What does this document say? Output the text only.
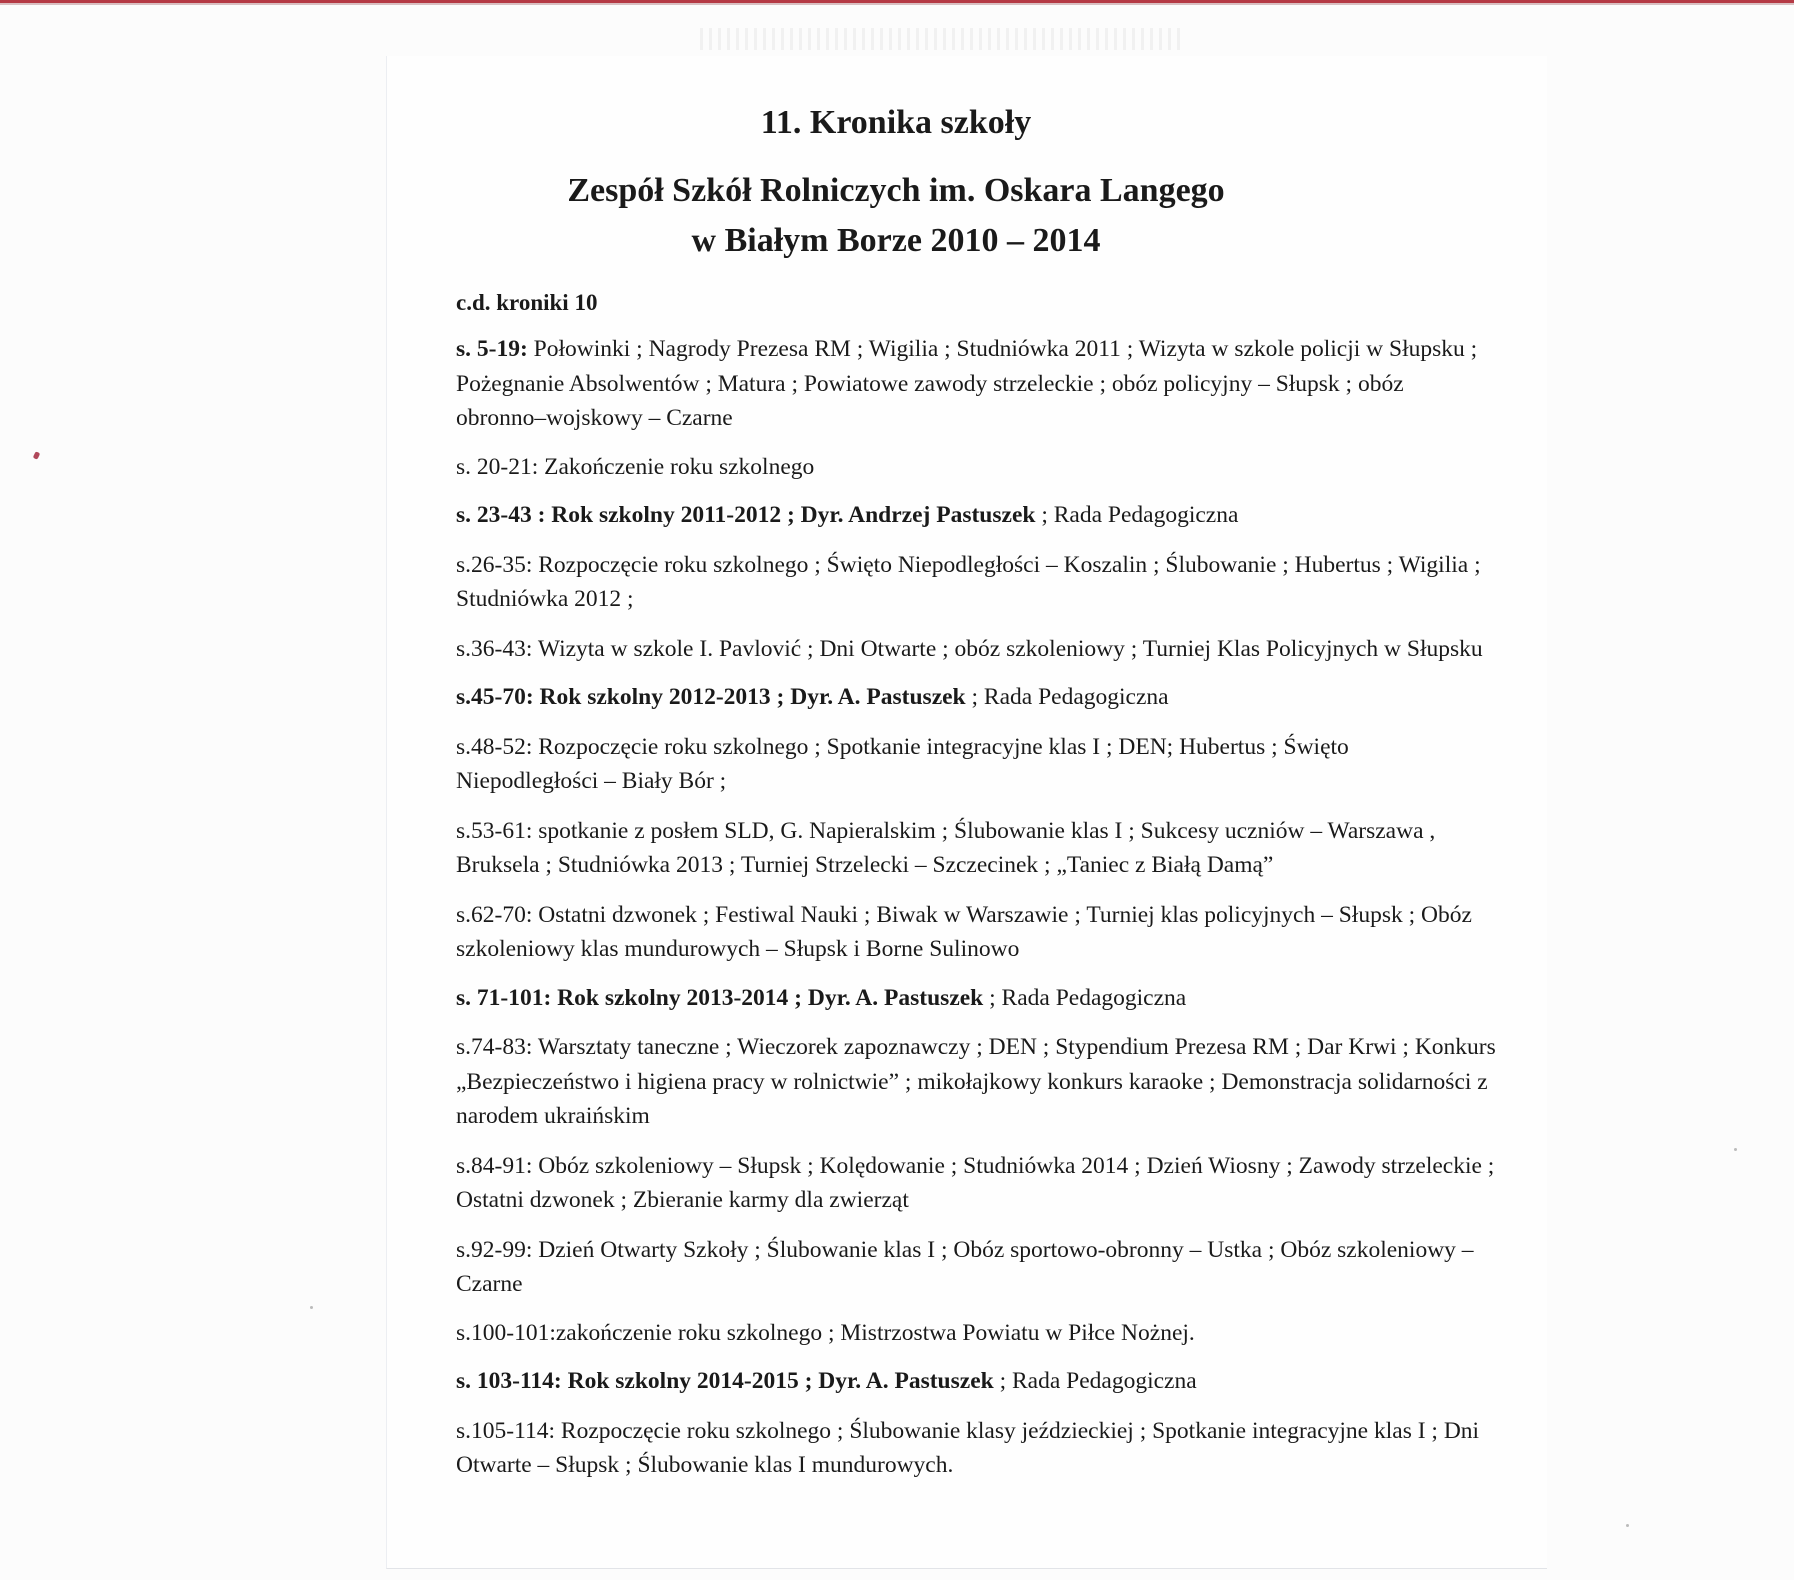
11. Kronika szkoły
Zespół Szkół Rolniczych im. Oskara Langego
w Białym Borze 2010 – 2014

c.d. kroniki 10

s. 5-19: Połowinki ; Nagrody Prezesa RM ; Wigilia ; Studniówka 2011 ; Wizyta w szkole policji w Słupsku ; Pożegnanie Absolwentów ; Matura ; Powiatowe zawody strzeleckie ; obóz policyjny – Słupsk ; obóz obronno–wojskowy – Czarne

s. 20-21: Zakończenie roku szkolnego

s. 23-43 : Rok szkolny 2011-2012 ; Dyr. Andrzej Pastuszek ; Rada Pedagogiczna

s.26-35: Rozpoczęcie roku szkolnego ; Święto Niepodległości – Koszalin ; Ślubowanie ; Hubertus ; Wigilia ; Studniówka 2012 ;

s.36-43: Wizyta w szkole I. Pavlović ; Dni Otwarte ; obóz szkoleniowy ; Turniej Klas Policyjnych w Słupsku

s.45-70: Rok szkolny 2012-2013 ; Dyr. A. Pastuszek ; Rada Pedagogiczna

s.48-52: Rozpoczęcie roku szkolnego ; Spotkanie integracyjne klas I ; DEN; Hubertus ; Święto Niepodległości – Biały Bór ;

s.53-61: spotkanie z posłem SLD, G. Napieralskim ; Ślubowanie klas I ; Sukcesy uczniów – Warszawa , Bruksela ; Studniówka 2013 ; Turniej Strzelecki – Szczecinek ; „Taniec z Białą Damą”

s.62-70: Ostatni dzwonek ; Festiwal Nauki ; Biwak w Warszawie ; Turniej klas policyjnych – Słupsk ; Obóz szkoleniowy klas mundurowych – Słupsk i Borne Sulinowo

s. 71-101: Rok szkolny 2013-2014 ; Dyr. A. Pastuszek ; Rada Pedagogiczna

s.74-83: Warsztaty taneczne ; Wieczorek zapoznawczy ; DEN ; Stypendium Prezesa RM ; Dar Krwi ; Konkurs „Bezpieczeństwo i higiena pracy w rolnictwie” ; mikołajkowy konkurs karaoke ; Demonstracja solidarności z narodem ukraińskim

s.84-91: Obóz szkoleniowy – Słupsk ; Kolędowanie ; Studniówka 2014 ; Dzień Wiosny ; Zawody strzeleckie ; Ostatni dzwonek ; Zbieranie karmy dla zwierząt

s.92-99: Dzień Otwarty Szkoły ; Ślubowanie klas I ; Obóz sportowo-obronny – Ustka ; Obóz szkoleniowy – Czarne

s.100-101:zakończenie roku szkolnego ; Mistrzostwa Powiatu w Piłce Nożnej.

s. 103-114: Rok szkolny 2014-2015 ; Dyr. A. Pastuszek ; Rada Pedagogiczna

s.105-114: Rozpoczęcie roku szkolnego ; Ślubowanie klasy jeździeckiej ; Spotkanie integracyjne klas I ; Dni Otwarte – Słupsk ; Ślubowanie klas I mundurowych.
